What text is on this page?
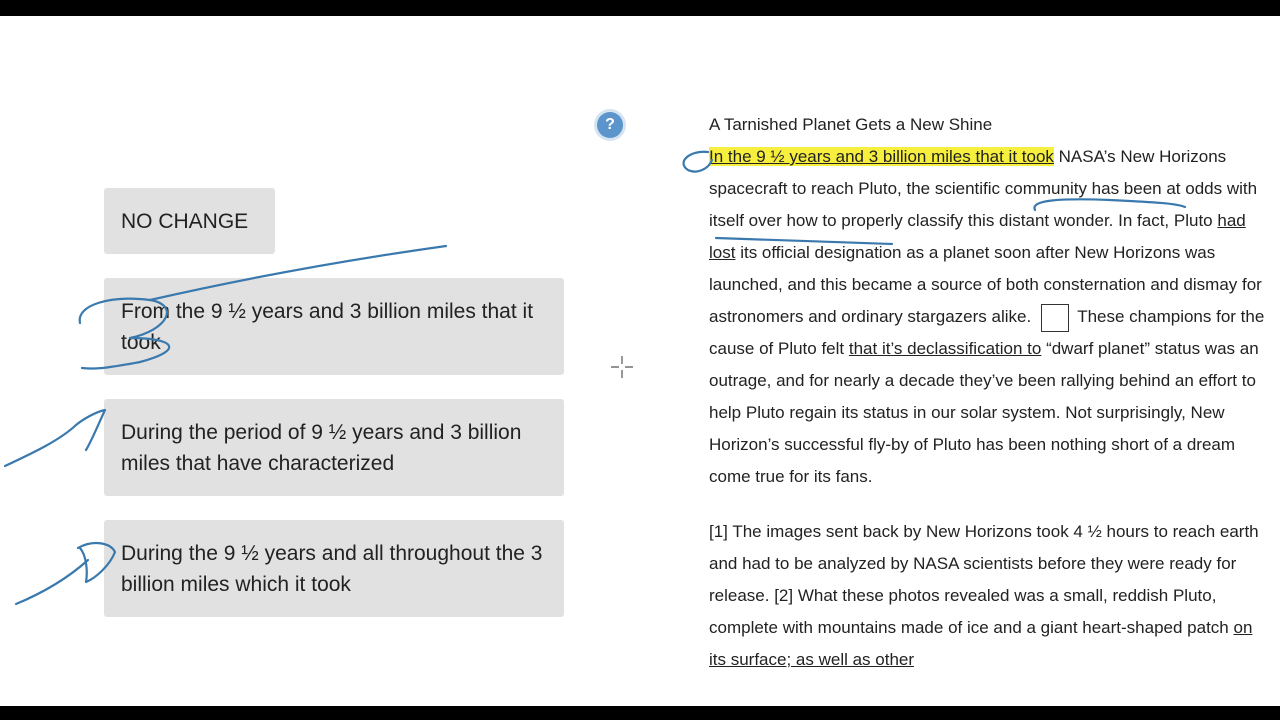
NO CHANGE
From the 9 ½ years and 3 billion miles that it took
During the period of 9 ½ years and 3 billion miles that have characterized
During the 9 ½ years and all throughout the 3 billion miles which it took
?	A Tarnished Planet Gets a New Shine

In the 9 ½ years and 3 billion miles that it took NASA’s New Horizons spacecraft to reach Pluto, the scientific community has been at odds with itself over how to properly classify this distant wonder. In fact, Pluto had lost its official designation as a planet soon after New Horizons was launched, and this became a source of both consternation and dismay for astronomers and ordinary stargazers alike.	These champions for the cause of Pluto felt that it’s declassification to “dwarf planet” status was an outrage, and for nearly a decade they’ve been rallying behind an effort to help Pluto regain its status in our solar system. Not surprisingly, New Horizon’s successful fly-by of Pluto has been nothing short of a dream come true for its fans.

[1] The images sent back by New Horizons took 4 ½ hours to reach earth and had to be analyzed by NASA scientists before they were ready for release. [2] What these photos revealed was a small, reddish Pluto, complete with mountains made of ice and a giant heart-shaped patch on its surface; as well as other
